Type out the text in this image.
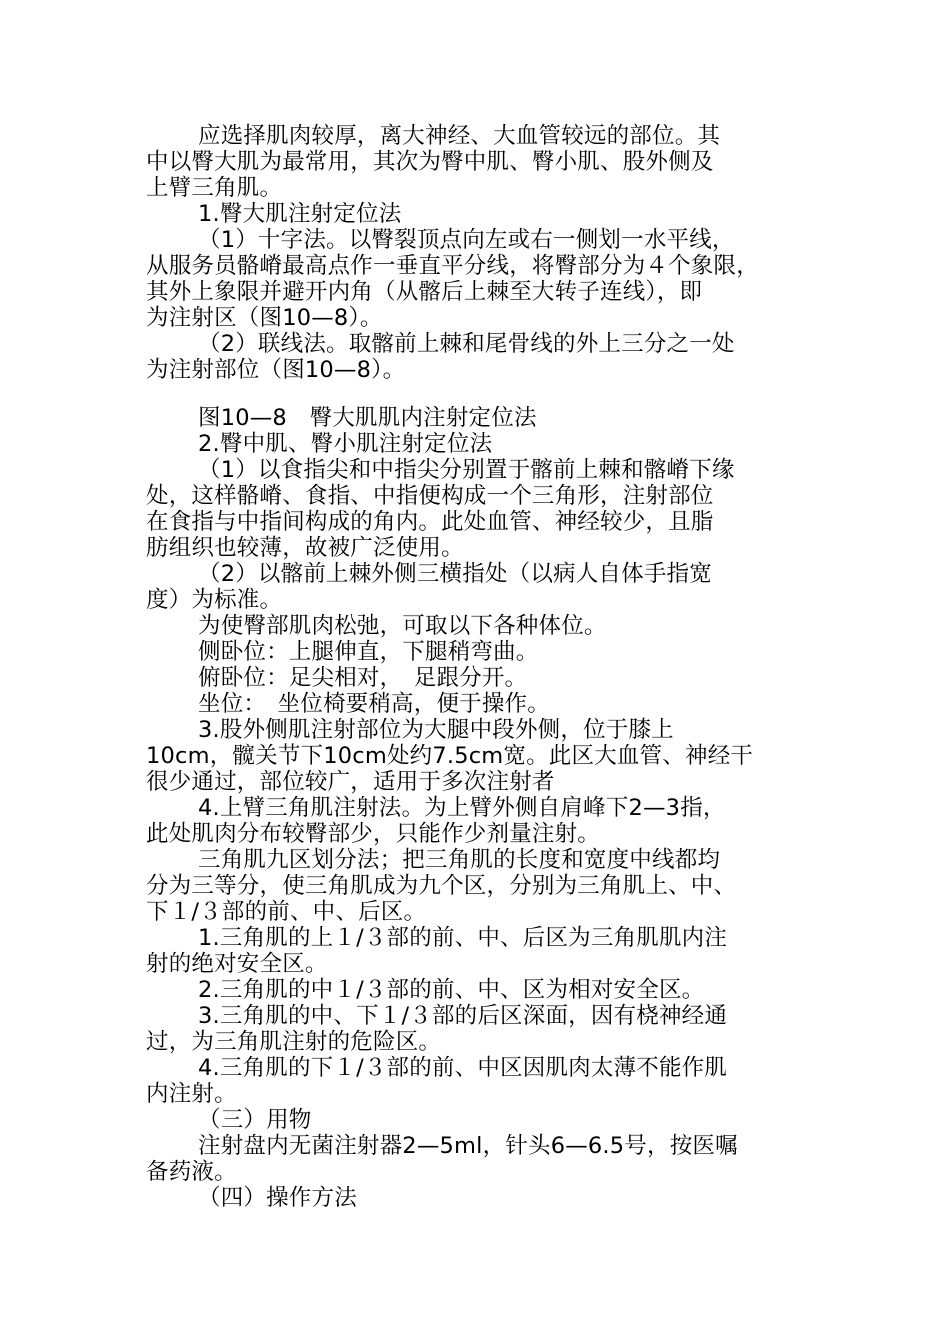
应选择肌肉较厚，离大神经、大血管较远的部位。其
中以臀大肌为最常用，其次为臀中肌、臀小肌、股外侧及
上臂三角肌。
1.臀大肌注射定位法
（1）十字法。以臀裂顶点向左或右一侧划一水平线，
从服务员骼嵴最高点作一垂直平分线，将臀部分为４个象限，
其外上象限并避开内角（从髂后上棘至大转子连线），即
为注射区（图10—8）。
（2）联线法。取髂前上棘和尾骨线的外上三分之一处
为注射部位（图10—8）。
图10—8　臀大肌肌内注射定位法
2.臀中肌、臀小肌注射定位法
（1）以食指尖和中指尖分别置于髂前上棘和髂嵴下缘
处，这样骼嵴、食指、中指便构成一个三角形，注射部位
在食指与中指间构成的角内。此处血管、神经较少，且脂
肪组织也较薄，故被广泛使用。
（2）以髂前上棘外侧三横指处（以病人自体手指宽
度）为标准。
为使臀部肌肉松弛，可取以下各种体位。
侧卧位：上腿伸直，下腿稍弯曲。
俯卧位：足尖相对，　足跟分开。
坐位：　坐位椅要稍高，便于操作。
3.股外侧肌注射部位为大腿中段外侧，位于膝上
10cm，髋关节下10cm处约7.5cm宽。此区大血管、神经干
很少通过，部位较广，适用于多次注射者
4.上臂三角肌注射法。为上臂外侧自肩峰下2—3指，
此处肌肉分布较臀部少，只能作少剂量注射。
三角肌九区划分法；把三角肌的长度和宽度中线都均
分为三等分，使三角肌成为九个区，分别为三角肌上、中、
下１/３部的前、中、后区。
1.三角肌的上１/３部的前、中、后区为三角肌肌内注
射的绝对安全区。
2.三角肌的中１/３部的前、中、区为相对安全区。
3.三角肌的中、下１/３部的后区深面，因有桡神经通
过，为三角肌注射的危险区。
4.三角肌的下１/３部的前、中区因肌肉太薄不能作肌
内注射。
（三）用物
注射盘内无菌注射器2—5ml，针头6—6.5号，按医嘱
备药液。
（四）操作方法
